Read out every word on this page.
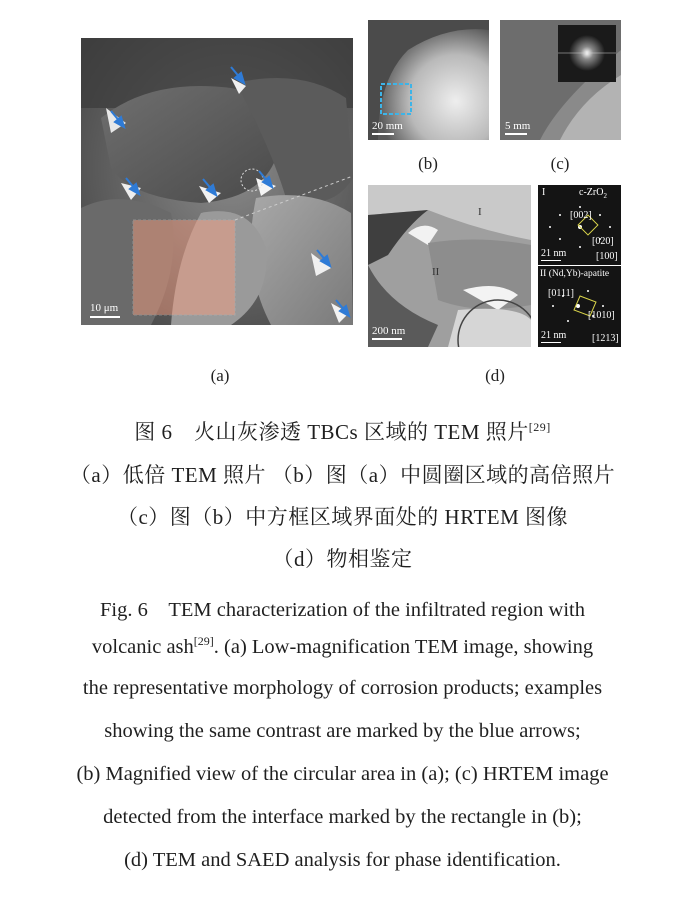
10 μm
(a)
20 mm
(b)
5 mm
(c)
I
II
200 nm
I	c-ZrO$_2$
[002]
[020]
21 nm	[100]
II (Nd,Yb)-apatite
[0111]
[1010]
21 nm	[1213]
(d)
图 6　火山灰渗透 TBCs 区域的 TEM 照片[29]
（a）低倍 TEM 照片 （b）图（a）中圆圈区域的高倍照片
（c）图（b）中方框区域界面处的 HRTEM 图像
（d）物相鉴定
Fig. 6　TEM characterization of the infiltrated region with
volcanic ash[29]. (a) Low-magnification TEM image, showing
the representative morphology of corrosion products; examples
showing the same contrast are marked by the blue arrows;
(b) Magnified view of the circular area in (a); (c) HRTEM image
detected from the interface marked by the rectangle in (b);
(d) TEM and SAED analysis for phase identification.
